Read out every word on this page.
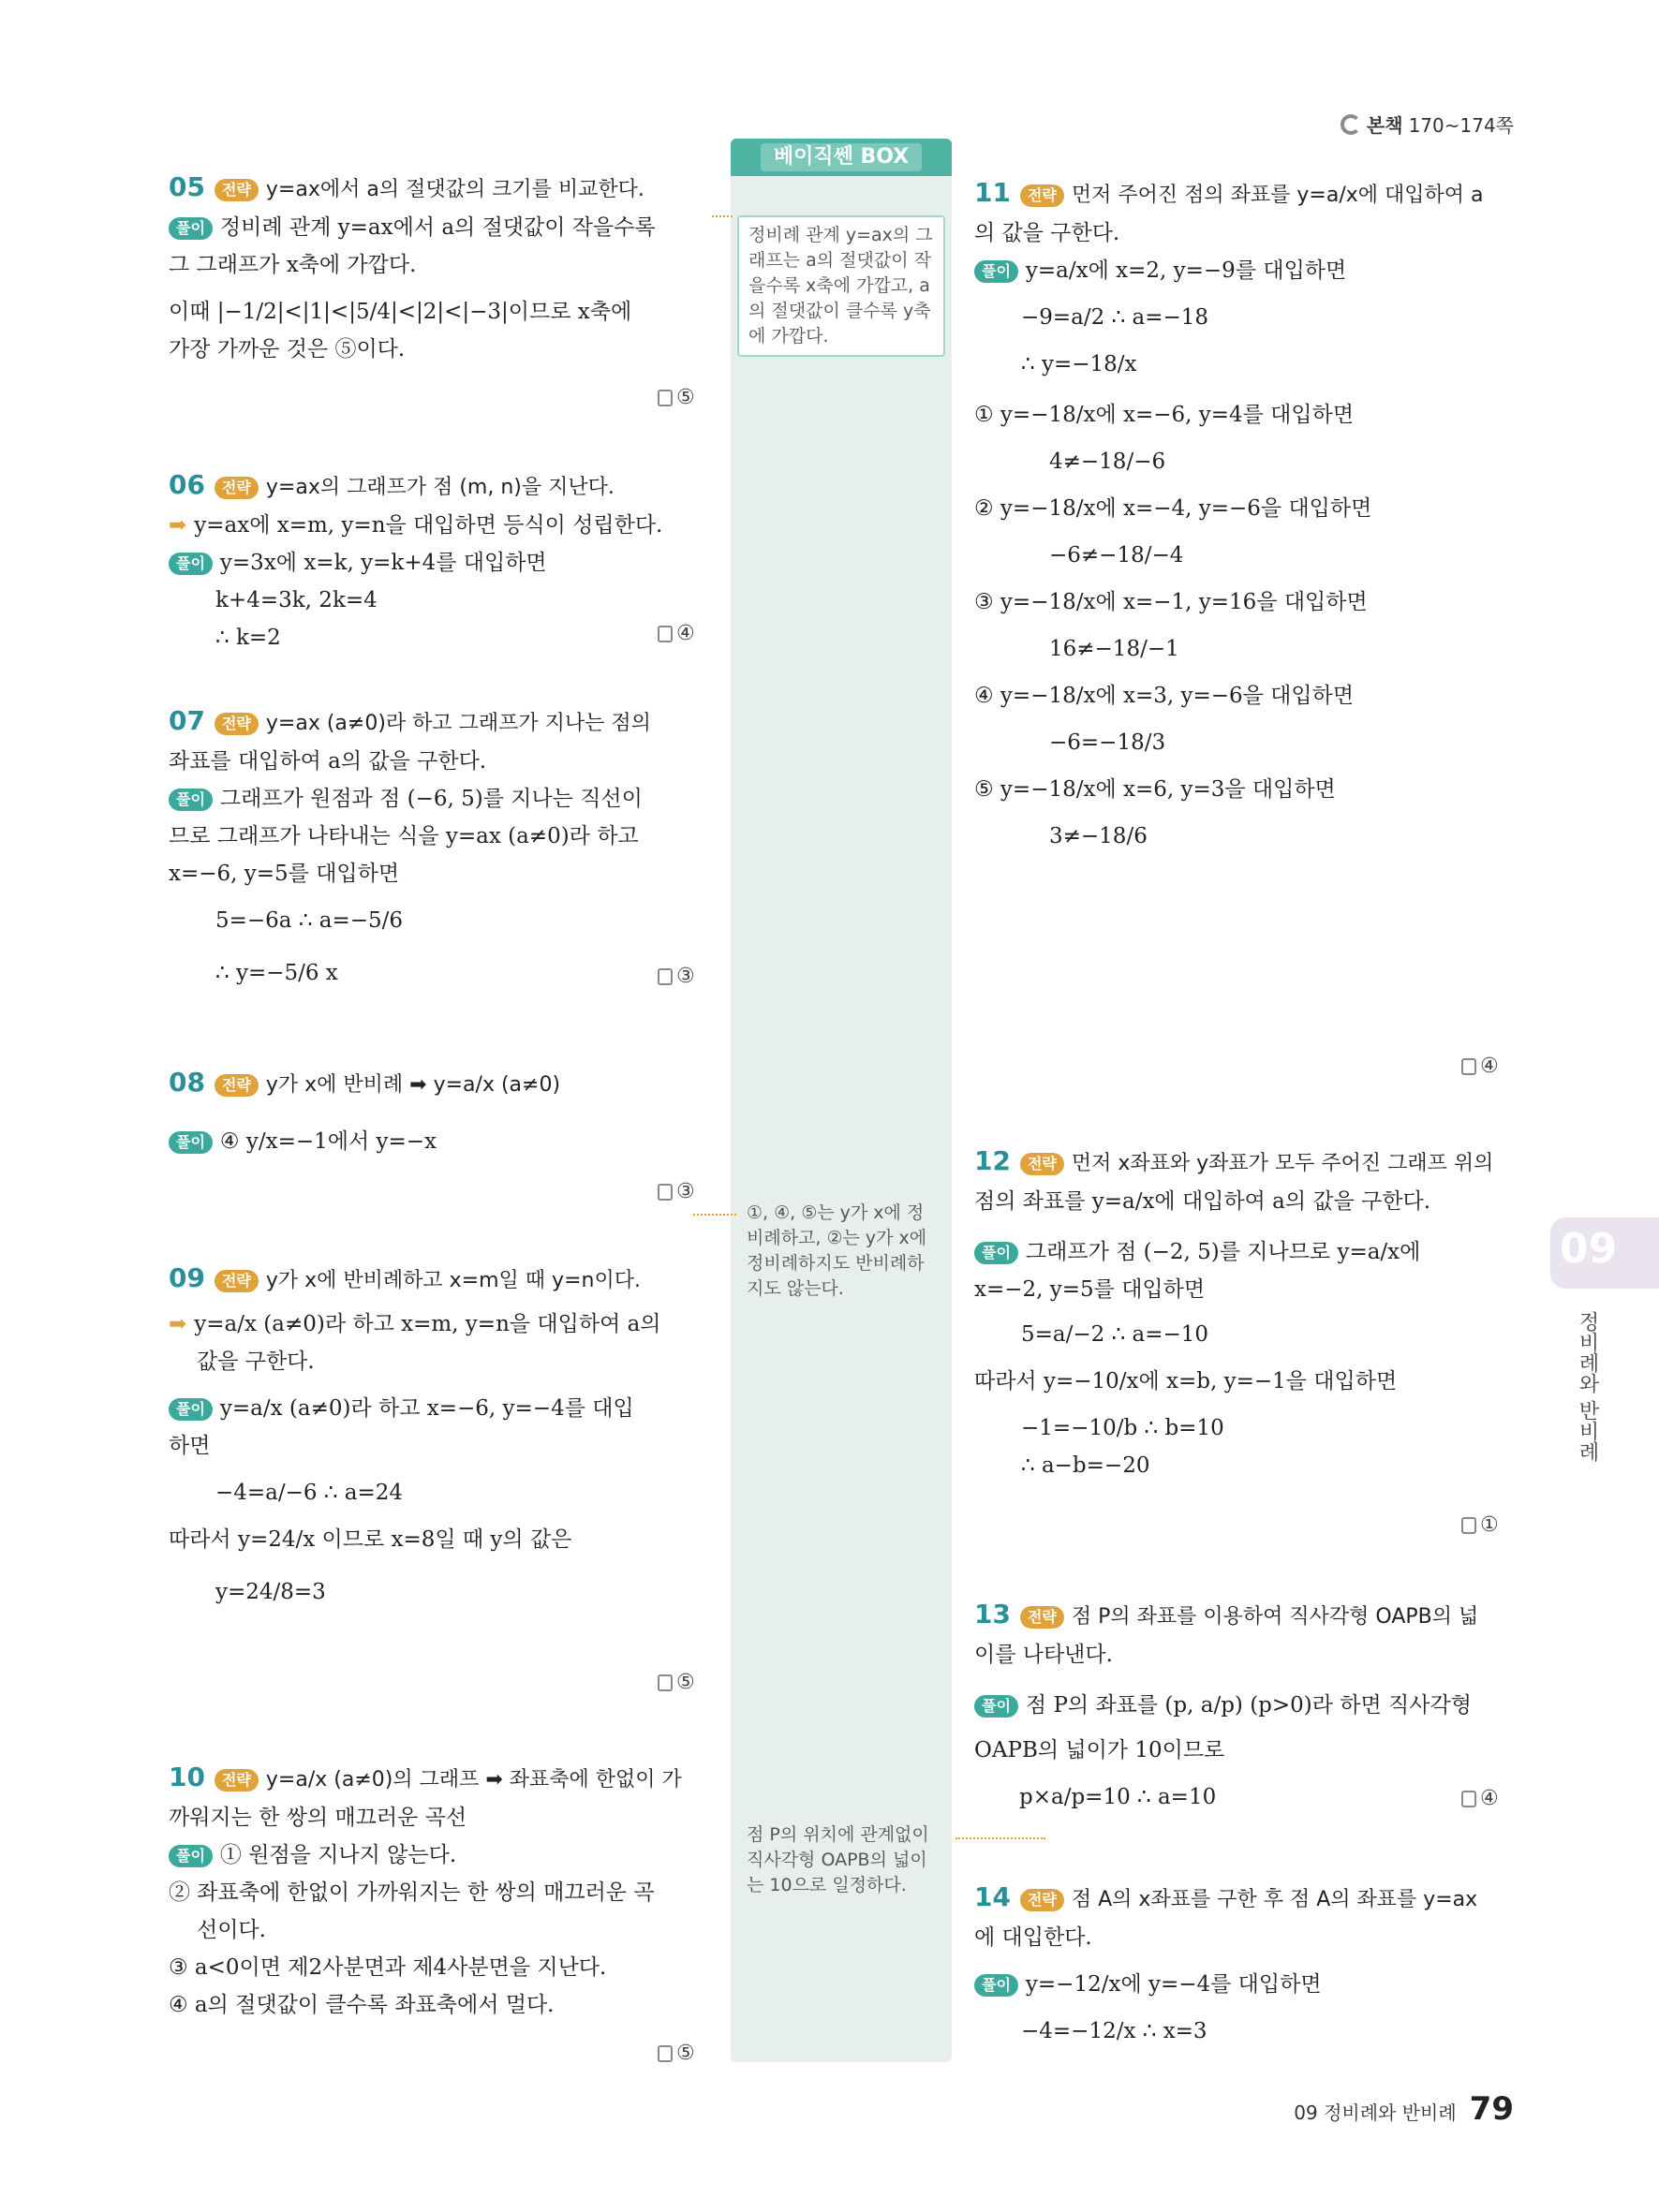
본책 170~174쪽
베이직쎈 BOX
정비례 관계 y=ax의 그래프는 a의 절댓값이 작을수록 x축에 가깝고, a의 절댓값이 클수록 y축에 가깝다.
①, ④, ⑤는 y가 x에 정비례하고, ②는 y가 x에 정비례하지도 반비례하지도 않는다.
점 P의 위치에 관계없이 직사각형 OAPB의 넓이는 10으로 일정하다.
05 전략 y=ax에서 a의 절댓값의 크기를 비교한다.
풀이 정비례 관계 y=ax에서 a의 절댓값이 작을수록
그 그래프가 x축에 가깝다.
이때 |−1/2|<|1|<|5/4|<|2|<|−3|이므로 x축에
가장 가까운 것은 ⑤이다.
⑤
06 전략 y=ax의 그래프가 점 (m, n)을 지난다.
➡ y=ax에 x=m, y=n을 대입하면 등식이 성립한다.
풀이 y=3x에 x=k, y=k+4를 대입하면
k+4=3k, 2k=4
∴ k=2	④
07 전략 y=ax (a≠0)라 하고 그래프가 지나는 점의
좌표를 대입하여 a의 값을 구한다.
풀이 그래프가 원점과 점 (−6, 5)를 지나는 직선이
므로 그래프가 나타내는 식을 y=ax (a≠0)라 하고
x=−6, y=5를 대입하면
5=−6a ∴ a=−5/6
∴ y=−5/6 x	③
08 전략 y가 x에 반비례 ➡ y=a/x (a≠0)
풀이 ④ y/x=−1에서 y=−x
③
09 전략 y가 x에 반비례하고 x=m일 때 y=n이다.
➡ y=a/x (a≠0)라 하고 x=m, y=n을 대입하여 a의
값을 구한다.
풀이 y=a/x (a≠0)라 하고 x=−6, y=−4를 대입
하면
−4=a/−6 ∴ a=24
따라서 y=24/x 이므로 x=8일 때 y의 값은
y=24/8=3
⑤
10 전략 y=a/x (a≠0)의 그래프 ➡ 좌표축에 한없이 가
까워지는 한 쌍의 매끄러운 곡선
풀이 ① 원점을 지나지 않는다.
② 좌표축에 한없이 가까워지는 한 쌍의 매끄러운 곡
선이다.
③ a<0이면 제2사분면과 제4사분면을 지난다.
④ a의 절댓값이 클수록 좌표축에서 멀다.
⑤
11 전략 먼저 주어진 점의 좌표를 y=a/x에 대입하여 a
의 값을 구한다.
풀이 y=a/x에 x=2, y=−9를 대입하면
−9=a/2 ∴ a=−18
∴ y=−18/x
① y=−18/x에 x=−6, y=4를 대입하면
4≠−18/−6
② y=−18/x에 x=−4, y=−6을 대입하면
−6≠−18/−4
③ y=−18/x에 x=−1, y=16을 대입하면
16≠−18/−1
④ y=−18/x에 x=3, y=−6을 대입하면
−6=−18/3
⑤ y=−18/x에 x=6, y=3을 대입하면
3≠−18/6
④
12 전략 먼저 x좌표와 y좌표가 모두 주어진 그래프 위의
점의 좌표를 y=a/x에 대입하여 a의 값을 구한다.
풀이 그래프가 점 (−2, 5)를 지나므로 y=a/x에
x=−2, y=5를 대입하면
5=a/−2 ∴ a=−10
따라서 y=−10/x에 x=b, y=−1을 대입하면
−1=−10/b ∴ b=10
∴ a−b=−20
①
13 전략 점 P의 좌표를 이용하여 직사각형 OAPB의 넓
이를 나타낸다.
풀이 점 P의 좌표를 (p, a/p) (p>0)라 하면 직사각형
OAPB의 넓이가 10이므로
p×a/p=10 ∴ a=10	④
14 전략 점 A의 x좌표를 구한 후 점 A의 좌표를 y=ax
에 대입한다.
풀이 y=−12/x에 y=−4를 대입하면
−4=−12/x ∴ x=3
09
정비례와 반비례
09 정비례와 반비례 79
